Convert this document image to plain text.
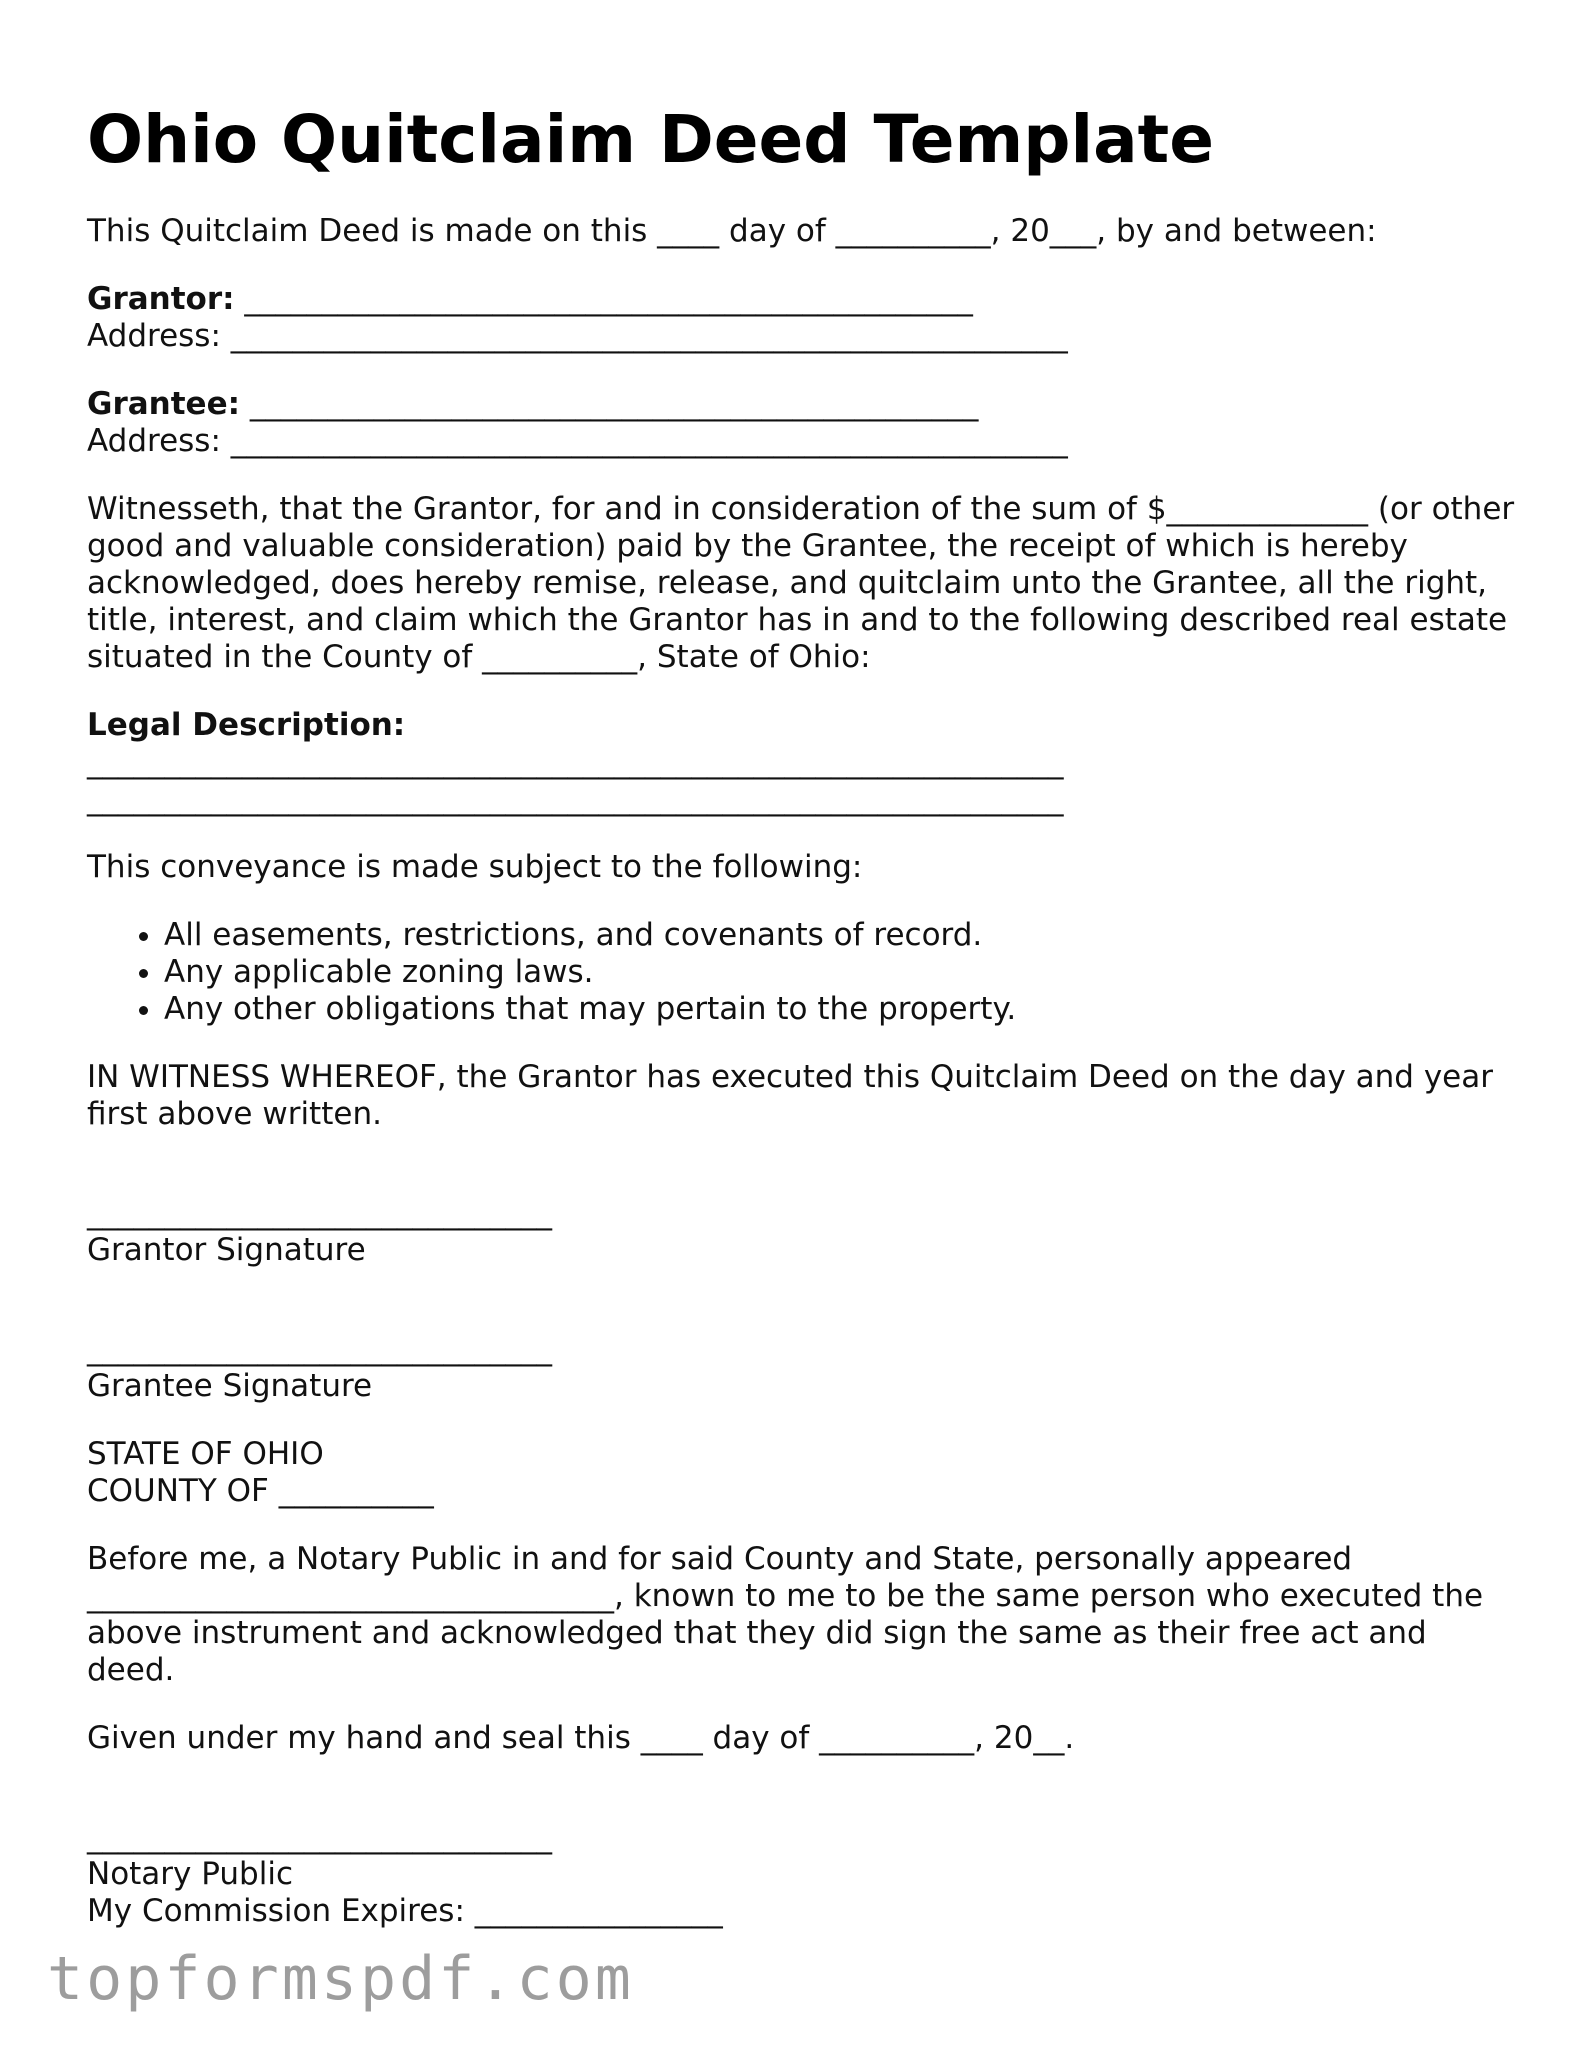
Ohio Quitclaim Deed Template

This Quitclaim Deed is made on this ____ day of __________, 20___, by and between:

Grantor: _______________________________________________
Address: ______________________________________________________
Grantee: _______________________________________________
Address: ______________________________________________________

Witnesseth, that the Grantor, for and in consideration of the sum of $_____________ (or other good and valuable consideration) paid by the Grantee, the receipt of which is hereby acknowledged, does hereby remise, release, and quitclaim unto the Grantee, all the right, title, interest, and claim which the Grantor has in and to the following described real estate situated in the County of __________, State of Ohio:

Legal Description:
_______________________________________________________________
_______________________________________________________________

This conveyance is made subject to the following:

• All easements, restrictions, and covenants of record.
• Any applicable zoning laws.
• Any other obligations that may pertain to the property.

IN WITNESS WHEREOF, the Grantor has executed this Quitclaim Deed on the day and year first above written.

______________________________
Grantor Signature
______________________________
Grantee Signature
STATE OF OHIO
COUNTY OF __________

Before me, a Notary Public in and for said County and State, personally appeared __________________________________, known to me to be the same person who executed the above instrument and acknowledged that they did sign the same as their free act and deed.

Given under my hand and seal this ____ day of __________, 20__.

______________________________
Notary Public
My Commission Expires: ________________
topformspdf.com
